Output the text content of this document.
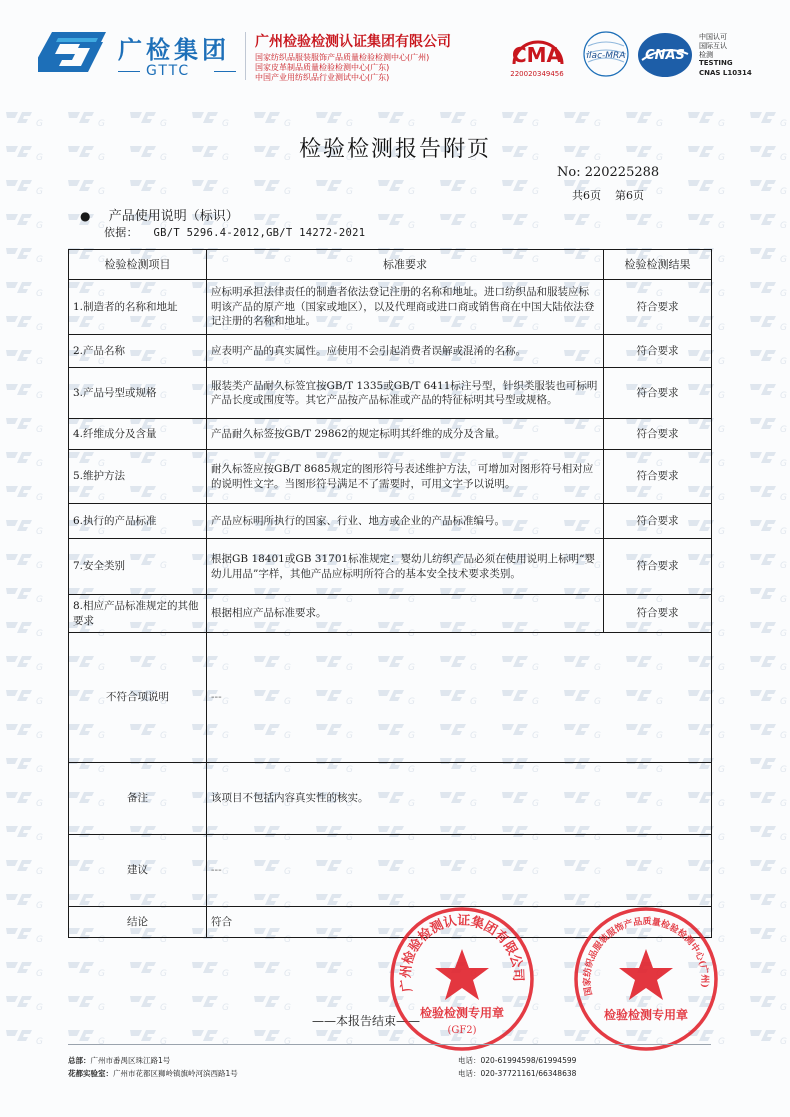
广检集团
GTTC
广州检验检测认证集团有限公司
国家纺织品服装服饰产品质量检验检测中心(广州)
国家皮革制品质量检验检测中心(广东)
中国产业用纺织品行业测试中心(广东)
CMA
220020349456
ilac-MRA CNAS
中国认可
国际互认
检测
TESTING
CNAS L10314
检验检测报告附页
No: 220225288
共6页    第6页
● 产品使用说明（标识）
依据： GB/T 5296.4-2012,GB/T 14272-2021
检验检测项目	标准要求	检验检测结果
1.制造者的名称和地址	应标明承担法律责任的制造者依法登记注册的名称和地址。进口纺织品和服装应标明该产品的原产地（国家或地区），以及代理商或进口商或销售商在中国大陆依法登记注册的名称和地址。	符合要求
2.产品名称	应表明产品的真实属性。应使用不会引起消费者误解或混淆的名称。	符合要求
3.产品号型或规格	服装类产品耐久标签宜按GB/T 1335或GB/T 6411标注号型，针织类服装也可标明产品长度或围度等。其它产品按产品标准或产品的特征标明其号型或规格。	符合要求
4.纤维成分及含量	产品耐久标签按GB/T 29862的规定标明其纤维的成分及含量。	符合要求
5.维护方法	耐久标签应按GB/T 8685规定的图形符号表述维护方法，可增加对图形符号相对应的说明性文字。当图形符号满足不了需要时，可用文字予以说明。	符合要求
6.执行的产品标准	产品应标明所执行的国家、行业、地方或企业的产品标准编号。	符合要求
7.安全类别	根据GB 18401或GB 31701标准规定：婴幼儿纺织产品必须在使用说明上标明“婴幼儿用品”字样，其他产品应标明所符合的基本安全技术要求类别。	符合要求
8.相应产品标准规定的其他要求	根据相应产品标准要求。	符合要求
不符合项说明	---	
备注	该项目不包括内容真实性的核实。	
建议	---	
结论	符合	
——本报告结束——
广州检验检测认证集团有限公司
检验检测专用章
(GF2)
国家纺织品服装服饰产品质量检验检测中心(广州)
检验检测专用章
总部：广州市番禺区珠江路1号	电话：020-61994598/61994599
花都实验室：广州市花都区狮岭镇旗岭河滨西路1号	电话：020-37721161/66348638
